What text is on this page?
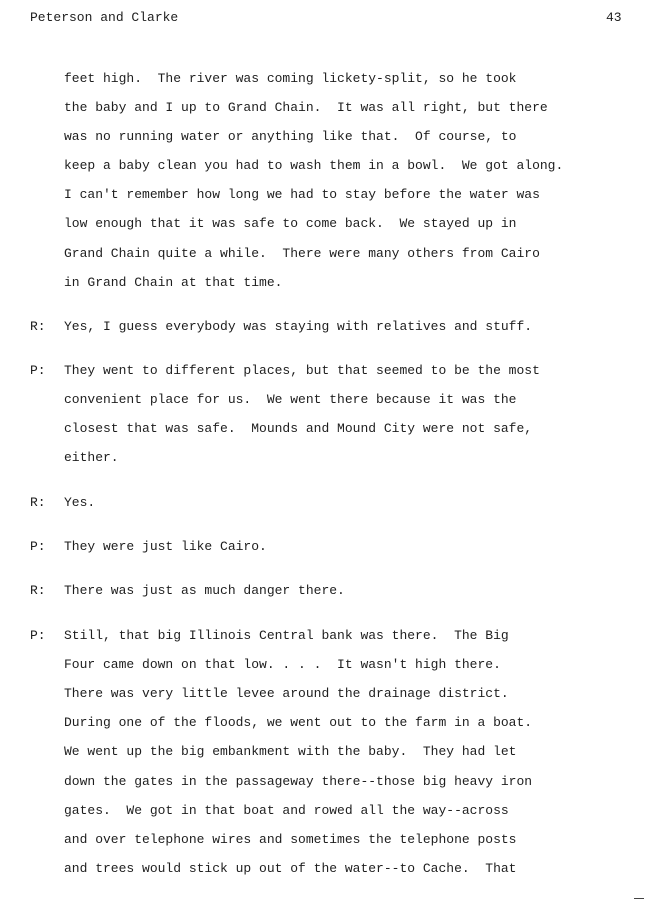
Peterson and Clarke	43
feet high.  The river was coming lickety-split, so he took
the baby and I up to Grand Chain.  It was all right, but there
was no running water or anything like that.  Of course, to
keep a baby clean you had to wash them in a bowl.  We got along.
I can't remember how long we had to stay before the water was
low enough that it was safe to come back.  We stayed up in
Grand Chain quite a while.  There were many others from Cairo
in Grand Chain at that time.
R: Yes, I guess everybody was staying with relatives and stuff.
P: They went to different places, but that seemed to be the most
convenient place for us.  We went there because it was the
closest that was safe.  Mounds and Mound City were not safe,
either.
R: Yes.
P: They were just like Cairo.
R: There was just as much danger there.
P: Still, that big Illinois Central bank was there.  The Big
Four came down on that low. . . .  It wasn't high there.
There was very little levee around the drainage district.
During one of the floods, we went out to the farm in a boat.
We went up the big embankment with the baby.  They had let
down the gates in the passageway there--those big heavy iron
gates.  We got in that boat and rowed all the way--across
and over telephone wires and sometimes the telephone posts
and trees would stick up out of the water--to Cache.  That
